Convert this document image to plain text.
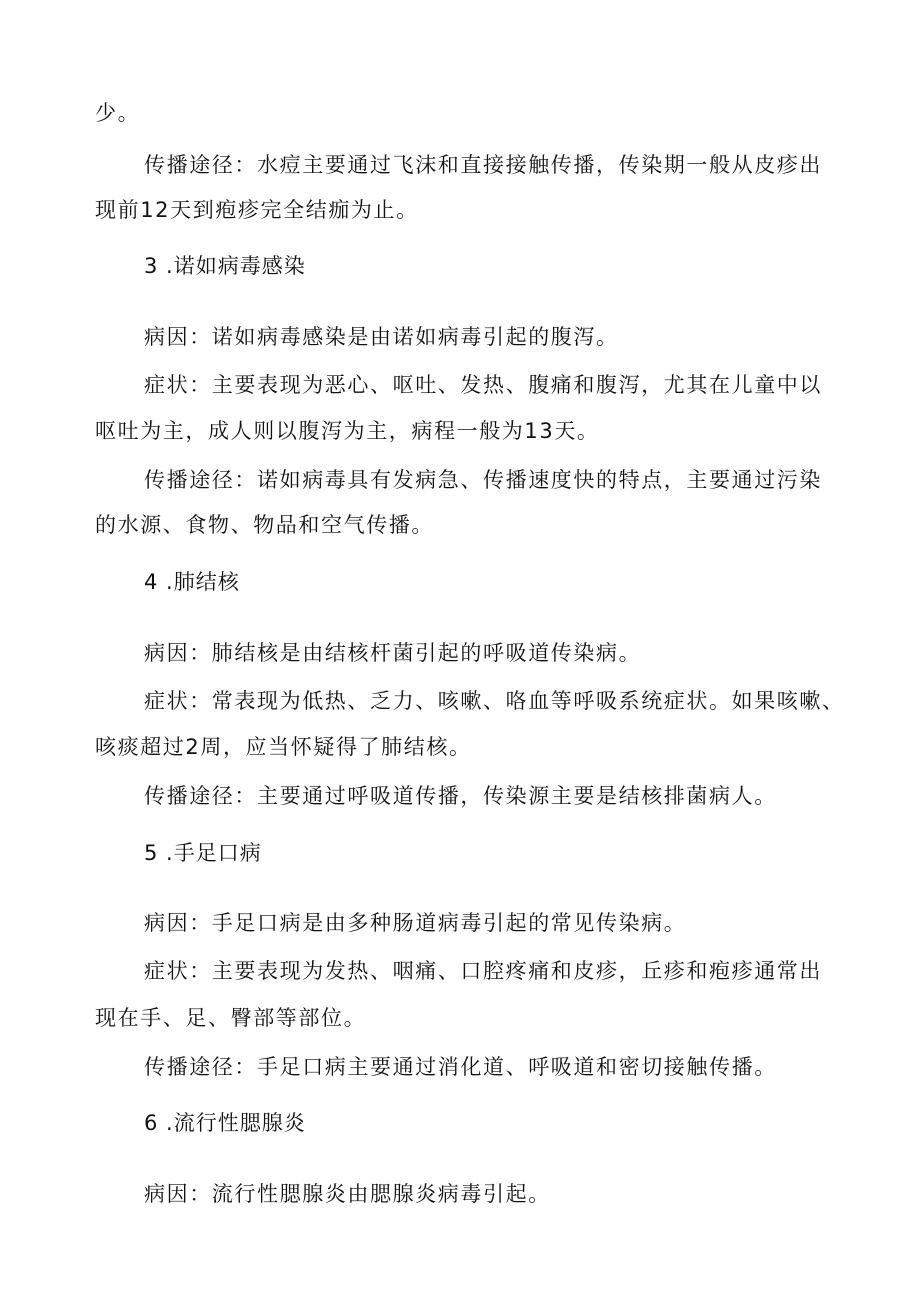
少。
传播途径：水痘主要通过飞沫和直接接触传播，传染期一般从皮疹出
现前12天到疱疹完全结痂为止。
3 .诺如病毒感染
病因：诺如病毒感染是由诺如病毒引起的腹泻。
症状：主要表现为恶心、呕吐、发热、腹痛和腹泻，尤其在儿童中以
呕吐为主，成人则以腹泻为主，病程一般为13天。
传播途径：诺如病毒具有发病急、传播速度快的特点，主要通过污染
的水源、食物、物品和空气传播。
4 .肺结核
病因：肺结核是由结核杆菌引起的呼吸道传染病。
症状：常表现为低热、乏力、咳嗽、咯血等呼吸系统症状。如果咳嗽、
咳痰超过2周，应当怀疑得了肺结核。
传播途径：主要通过呼吸道传播，传染源主要是结核排菌病人。
5 .手足口病
病因：手足口病是由多种肠道病毒引起的常见传染病。
症状：主要表现为发热、咽痛、口腔疼痛和皮疹，丘疹和疱疹通常出
现在手、足、臀部等部位。
传播途径：手足口病主要通过消化道、呼吸道和密切接触传播。
6 .流行性腮腺炎
病因：流行性腮腺炎由腮腺炎病毒引起。
